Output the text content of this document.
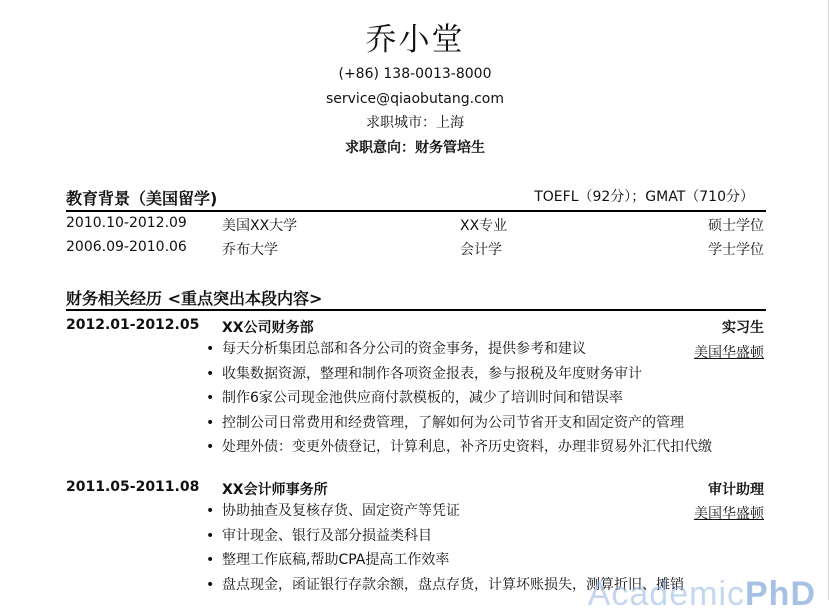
乔小堂
(+86) 138-0013-8000
service@qiaobutang.com
求职城市：上海
求职意向：财务管培生
教育背景（美国留学)	TOEFL（92分）；GMAT（710分）
2010.10-2012.09	美国XX大学	XX专业	硕士学位
2006.09-2010.06	乔布大学	会计学	学士学位
财务相关经历 <重点突出本段内容>
2012.01-2012.05 XX公司财务部	实习生
美国华盛顿
• 每天分析集团总部和各分公司的资金事务，提供参考和建议
• 收集数据资源，整理和制作各项资金报表，参与报税及年度财务审计
• 制作6家公司现金池供应商付款模板的，减少了培训时间和错误率
• 控制公司日常费用和经费管理，了解如何为公司节省开支和固定资产的管理
• 处理外债：变更外债登记，计算利息，补齐历史资料，办理非贸易外汇代扣代缴
2011.05-2011.08 XX会计师事务所	审计助理
美国华盛顿
• 协助抽查及复核存货、固定资产等凭证
• 审计现金、银行及部分损益类科目
• 整理工作底稿,帮助CPA提高工作效率
• 盘点现金，函证银行存款余额，盘点存货，计算坏账损失，测算折旧、摊销
AcademicPhD
